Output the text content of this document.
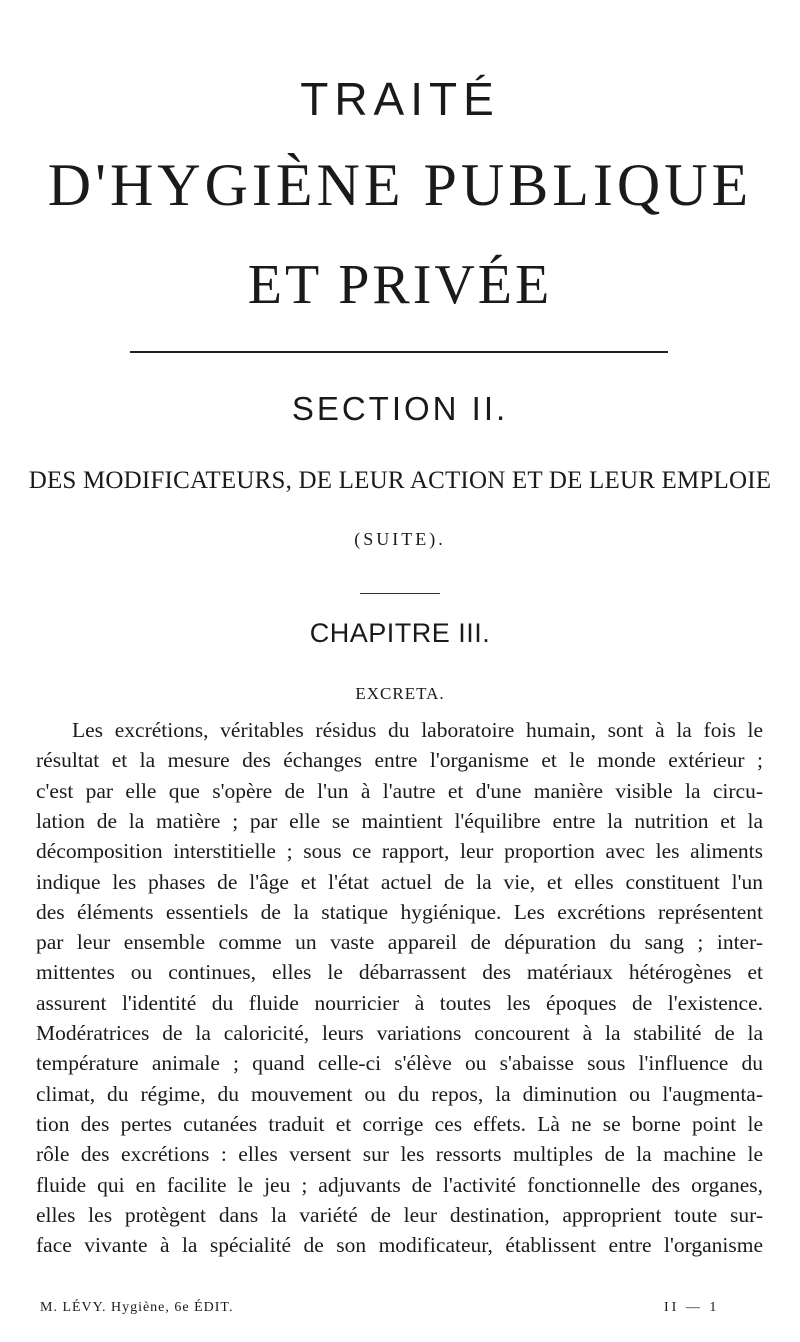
TRAITÉ
D'HYGIÈNE PUBLIQUE
ET PRIVÉE
SECTION II.
DES MODIFICATEURS, DE LEUR ACTION ET DE LEUR EMPLOIE
(SUITE).
CHAPITRE III.
EXCRETA.
Les excrétions, véritables résidus du laboratoire humain, sont à la fois le
résultat et la mesure des échanges entre l'organisme et le monde extérieur ;
c'est par elle que s'opère de l'un à l'autre et d'une manière visible la circu-
lation de la matière ; par elle se maintient l'équilibre entre la nutrition et la
décomposition interstitielle ; sous ce rapport, leur proportion avec les aliments
indique les phases de l'âge et l'état actuel de la vie, et elles constituent l'un
des éléments essentiels de la statique hygiénique. Les excrétions représentent
par leur ensemble comme un vaste appareil de dépuration du sang ; inter-
mittentes ou continues, elles le débarrassent des matériaux hétérogènes et
assurent l'identité du fluide nourricier à toutes les époques de l'existence.
Modératrices de la caloricité, leurs variations concourent à la stabilité de la
température animale ; quand celle-ci s'élève ou s'abaisse sous l'influence du
climat, du régime, du mouvement ou du repos, la diminution ou l'augmenta-
tion des pertes cutanées traduit et corrige ces effets. Là ne se borne point le
rôle des excrétions : elles versent sur les ressorts multiples de la machine le
fluide qui en facilite le jeu ; adjuvants de l'activité fonctionnelle des organes,
elles les protègent dans la variété de leur destination, approprient toute sur-
face vivante à la spécialité de son modificateur, établissent entre l'organisme
M. LÉVY. Hygiène, 6e ÉDIT.	II — 1
